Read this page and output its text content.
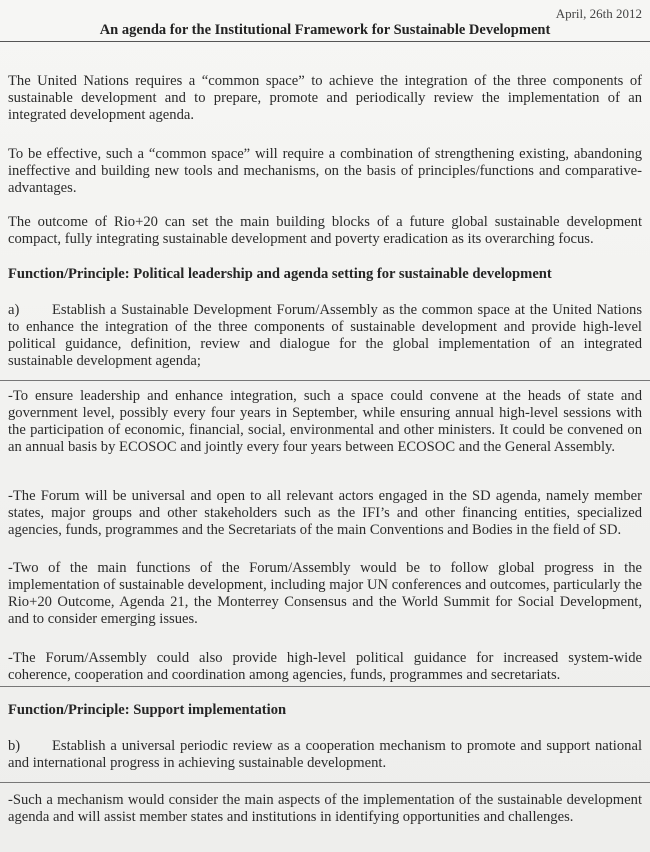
April, 26th 2012
An agenda for the Institutional Framework for Sustainable Development

The United Nations requires a “common space” to achieve the integration of the three components of sustainable development and to prepare, promote and periodically review the implementation of an integrated development agenda.

To be effective, such a “common space” will require a combination of strengthening existing, abandoning ineffective and building new tools and mechanisms, on the basis of principles/functions and comparative-advantages.

The outcome of Rio+20 can set the main building blocks of a future global sustainable development compact, fully integrating sustainable development and poverty eradication as its overarching focus.

Function/Principle: Political leadership and agenda setting for sustainable development

a) Establish a Sustainable Development Forum/Assembly as the common space at the United Nations to enhance the integration of the three components of sustainable development and provide high-level political guidance, definition, review and dialogue for the global implementation of an integrated sustainable development agenda;

-To ensure leadership and enhance integration, such a space could convene at the heads of state and government level, possibly every four years in September, while ensuring annual high-level sessions with the participation of economic, financial, social, environmental and other ministers. It could be convened on an annual basis by ECOSOC and jointly every four years between ECOSOC and the General Assembly.

-The Forum will be universal and open to all relevant actors engaged in the SD agenda, namely member states, major groups and other stakeholders such as the IFI’s and other financing entities, specialized agencies, funds, programmes and the Secretariats of the main Conventions and Bodies in the field of SD.

-Two of the main functions of the Forum/Assembly would be to follow global progress in the implementation of sustainable development, including major UN conferences and outcomes, particularly the Rio+20 Outcome, Agenda 21, the Monterrey Consensus and the World Summit for Social Development, and to consider emerging issues.

-The Forum/Assembly could also provide high-level political guidance for increased system-wide coherence, cooperation and coordination among agencies, funds, programmes and secretariats.

Function/Principle: Support implementation

b) Establish a universal periodic review as a cooperation mechanism to promote and support national and international progress in achieving sustainable development.

-Such a mechanism would consider the main aspects of the implementation of the sustainable development agenda and will assist member states and institutions in identifying opportunities and challenges.
